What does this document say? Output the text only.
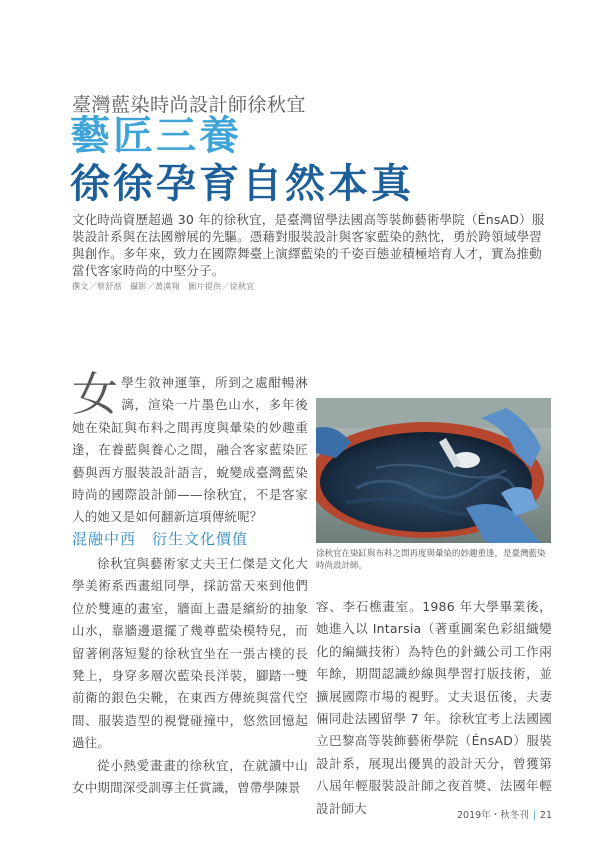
臺灣藍染時尚設計師徐秋宜
藝匠三養
徐徐孕育自然本真

文化時尚資歷超過 30 年的徐秋宜，是臺灣留學法國高等裝飾藝術學院（ÉnsAD）服裝設計系與在法國辦展的先驅。憑藉對服裝設計與客家藍染的熱忱，勇於跨領域學習與創作。多年來，致力在國際舞臺上演繹藍染的千姿百態並積極培育人才，實為推動當代客家時尚的中堅分子。

撰文／蔡舒湉　攝影／黃漢翔　圖片提供／徐秋宜

女學生敘神運筆，所到之處酣暢淋漓，渲染一片墨色山水，多年後她在染缸與布料之間再度與暈染的妙趣重逢，在養藍與養心之間，融合客家藍染匠藝與西方服裝設計語言，蛻變成臺灣藍染時尚的國際設計師——徐秋宜，不是客家人的她又是如何翻新這項傳統呢？

混融中西　衍生文化價值

徐秋宜與藝術家丈夫王仁傑是文化大學美術系西畫組同學，採訪當天來到他們位於雙連的畫室，牆面上盡是繽紛的抽象山水，靠牆邊還擺了幾尊藍染模特兒，而留著俐落短髮的徐秋宜坐在一張古樸的長凳上，身穿多層次藍染長洋裝，腳踏一雙前衛的銀色尖靴，在東西方傳統與當代空間、服裝造型的視覺碰撞中，悠然回憶起過往。

從小熱愛畫畫的徐秋宜，在就讀中山女中期間深受訓導主任賞識，曾帶學陳景

徐秋宜在染缸與布料之間再度與暈染的妙趣重逢，是臺灣藍染時尚設計師。

容、李石樵畫室。1986 年大學畢業後，她進入以 Intarsia（著重圖案色彩組織變化的編織技術）為特色的針織公司工作兩年餘，期間認識紗線與學習打版技術，並擴展國際市場的視野。丈夫退伍後，夫妻倆同赴法國留學 7 年。徐秋宜考上法國國立巴黎高等裝飾藝術學院（ÉnsAD）服裝設計系，展現出優異的設計天分，曾獲第八屆年輕服裝設計師之夜首獎、法國年輕設計師大	2019年・秋冬刊 | 21
